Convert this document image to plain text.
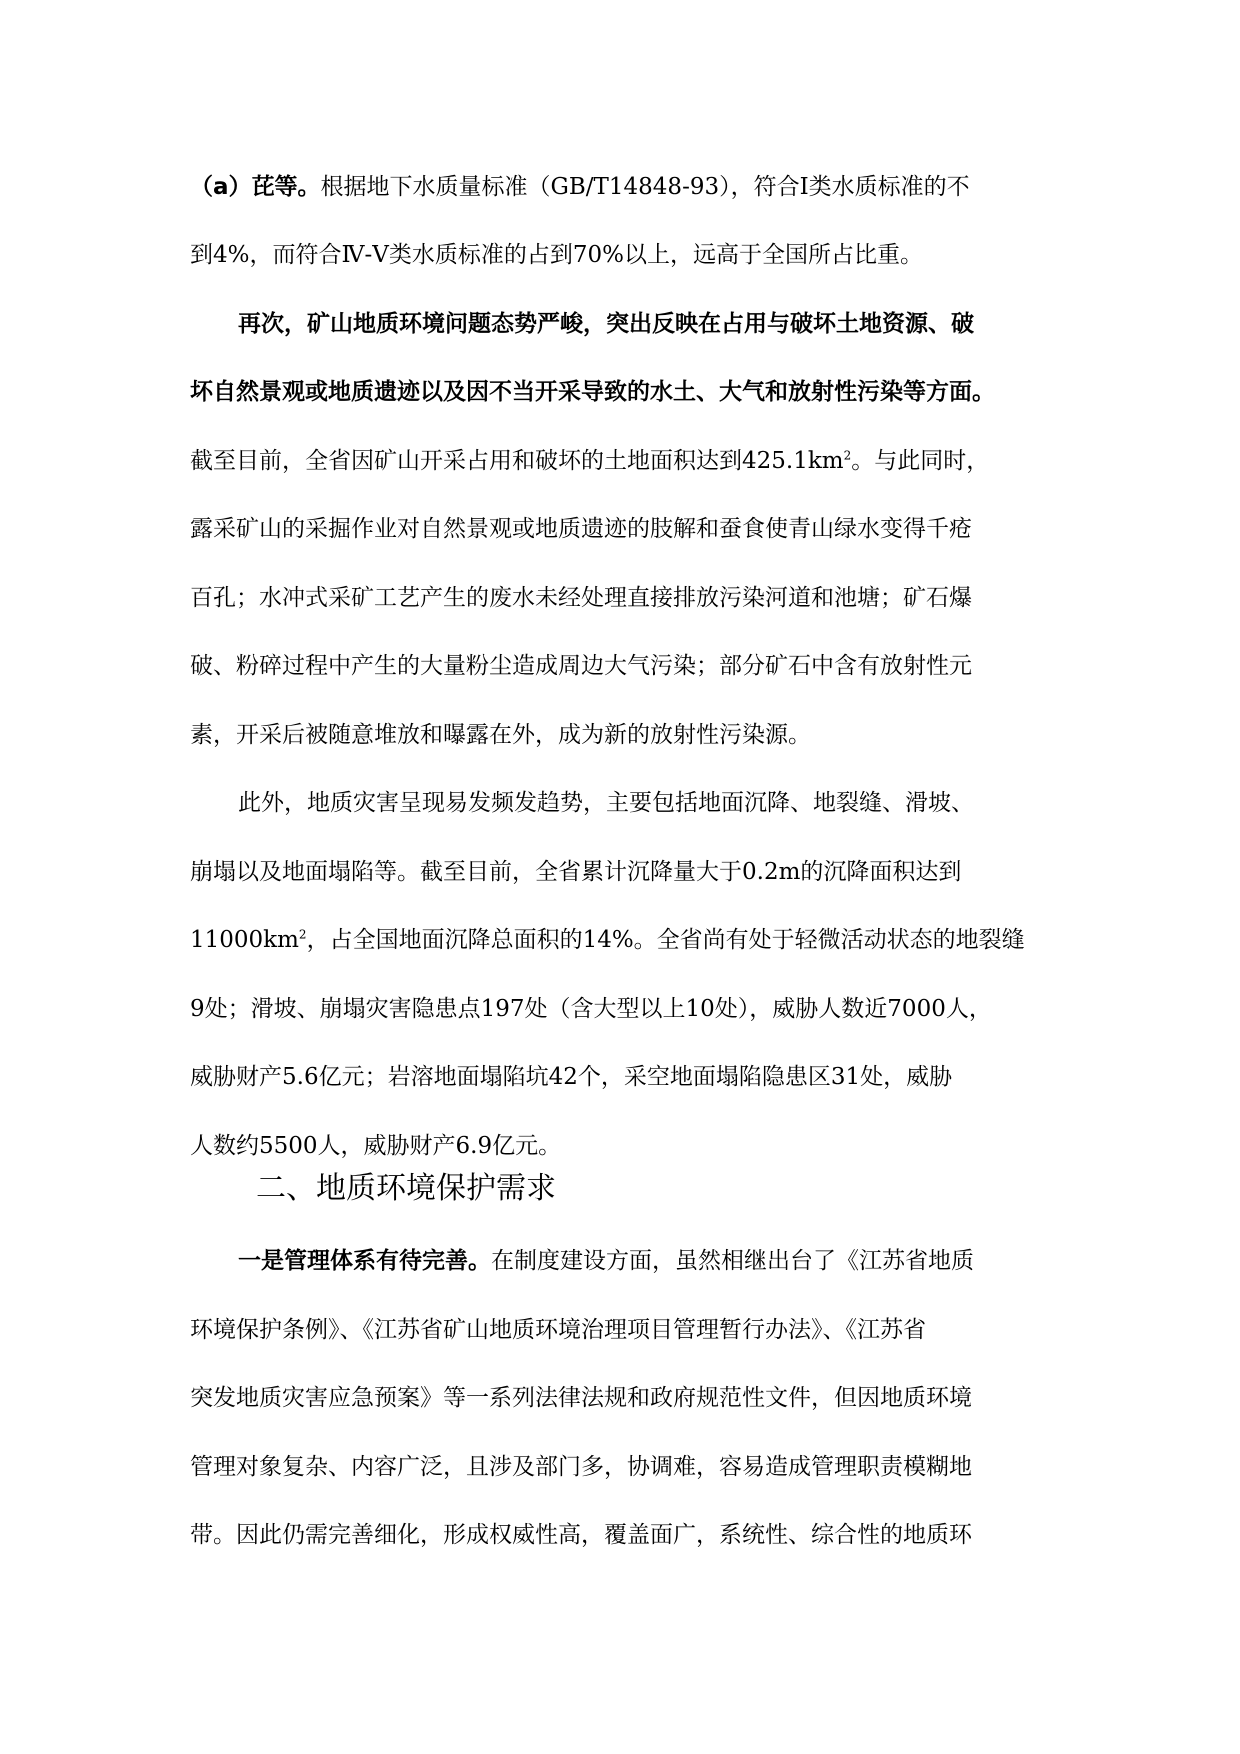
（a）芘等。根据地下水质量标准（GB/T14848-93），符合Ⅰ类水质标准的不
到4%，而符合Ⅳ-Ⅴ类水质标准的占到70%以上，远高于全国所占比重。
再次，矿山地质环境问题态势严峻，突出反映在占用与破坏土地资源、破
坏自然景观或地质遗迹以及因不当开采导致的水土、大气和放射性污染等方面。
截至目前，全省因矿山开采占用和破坏的土地面积达到$425.1km^2$。与此同时，
露采矿山的采掘作业对自然景观或地质遗迹的肢解和蚕食使青山绿水变得千疮
百孔；水冲式采矿工艺产生的废水未经处理直接排放污染河道和池塘；矿石爆
破、粉碎过程中产生的大量粉尘造成周边大气污染；部分矿石中含有放射性元
素，开采后被随意堆放和曝露在外，成为新的放射性污染源。
此外，地质灾害呈现易发频发趋势，主要包括地面沉降、地裂缝、滑坡、
崩塌以及地面塌陷等。截至目前，全省累计沉降量大于0.2m的沉降面积达到
$11000km^2$，占全国地面沉降总面积的14%。全省尚有处于轻微活动状态的地裂缝
9处；滑坡、崩塌灾害隐患点197处（含大型以上10处），威胁人数近7000人，
威胁财产5.6亿元；岩溶地面塌陷坑42个，采空地面塌陷隐患区31处，威胁
人数约5500人，威胁财产6.9亿元。
二、地质环境保护需求
一是管理体系有待完善。在制度建设方面，虽然相继出台了《江苏省地质
环境保护条例》、《江苏省矿山地质环境治理项目管理暂行办法》、《江苏省
突发地质灾害应急预案》等一系列法律法规和政府规范性文件，但因地质环境
管理对象复杂、内容广泛，且涉及部门多，协调难，容易造成管理职责模糊地
带。因此仍需完善细化，形成权威性高，覆盖面广，系统性、综合性的地质环
